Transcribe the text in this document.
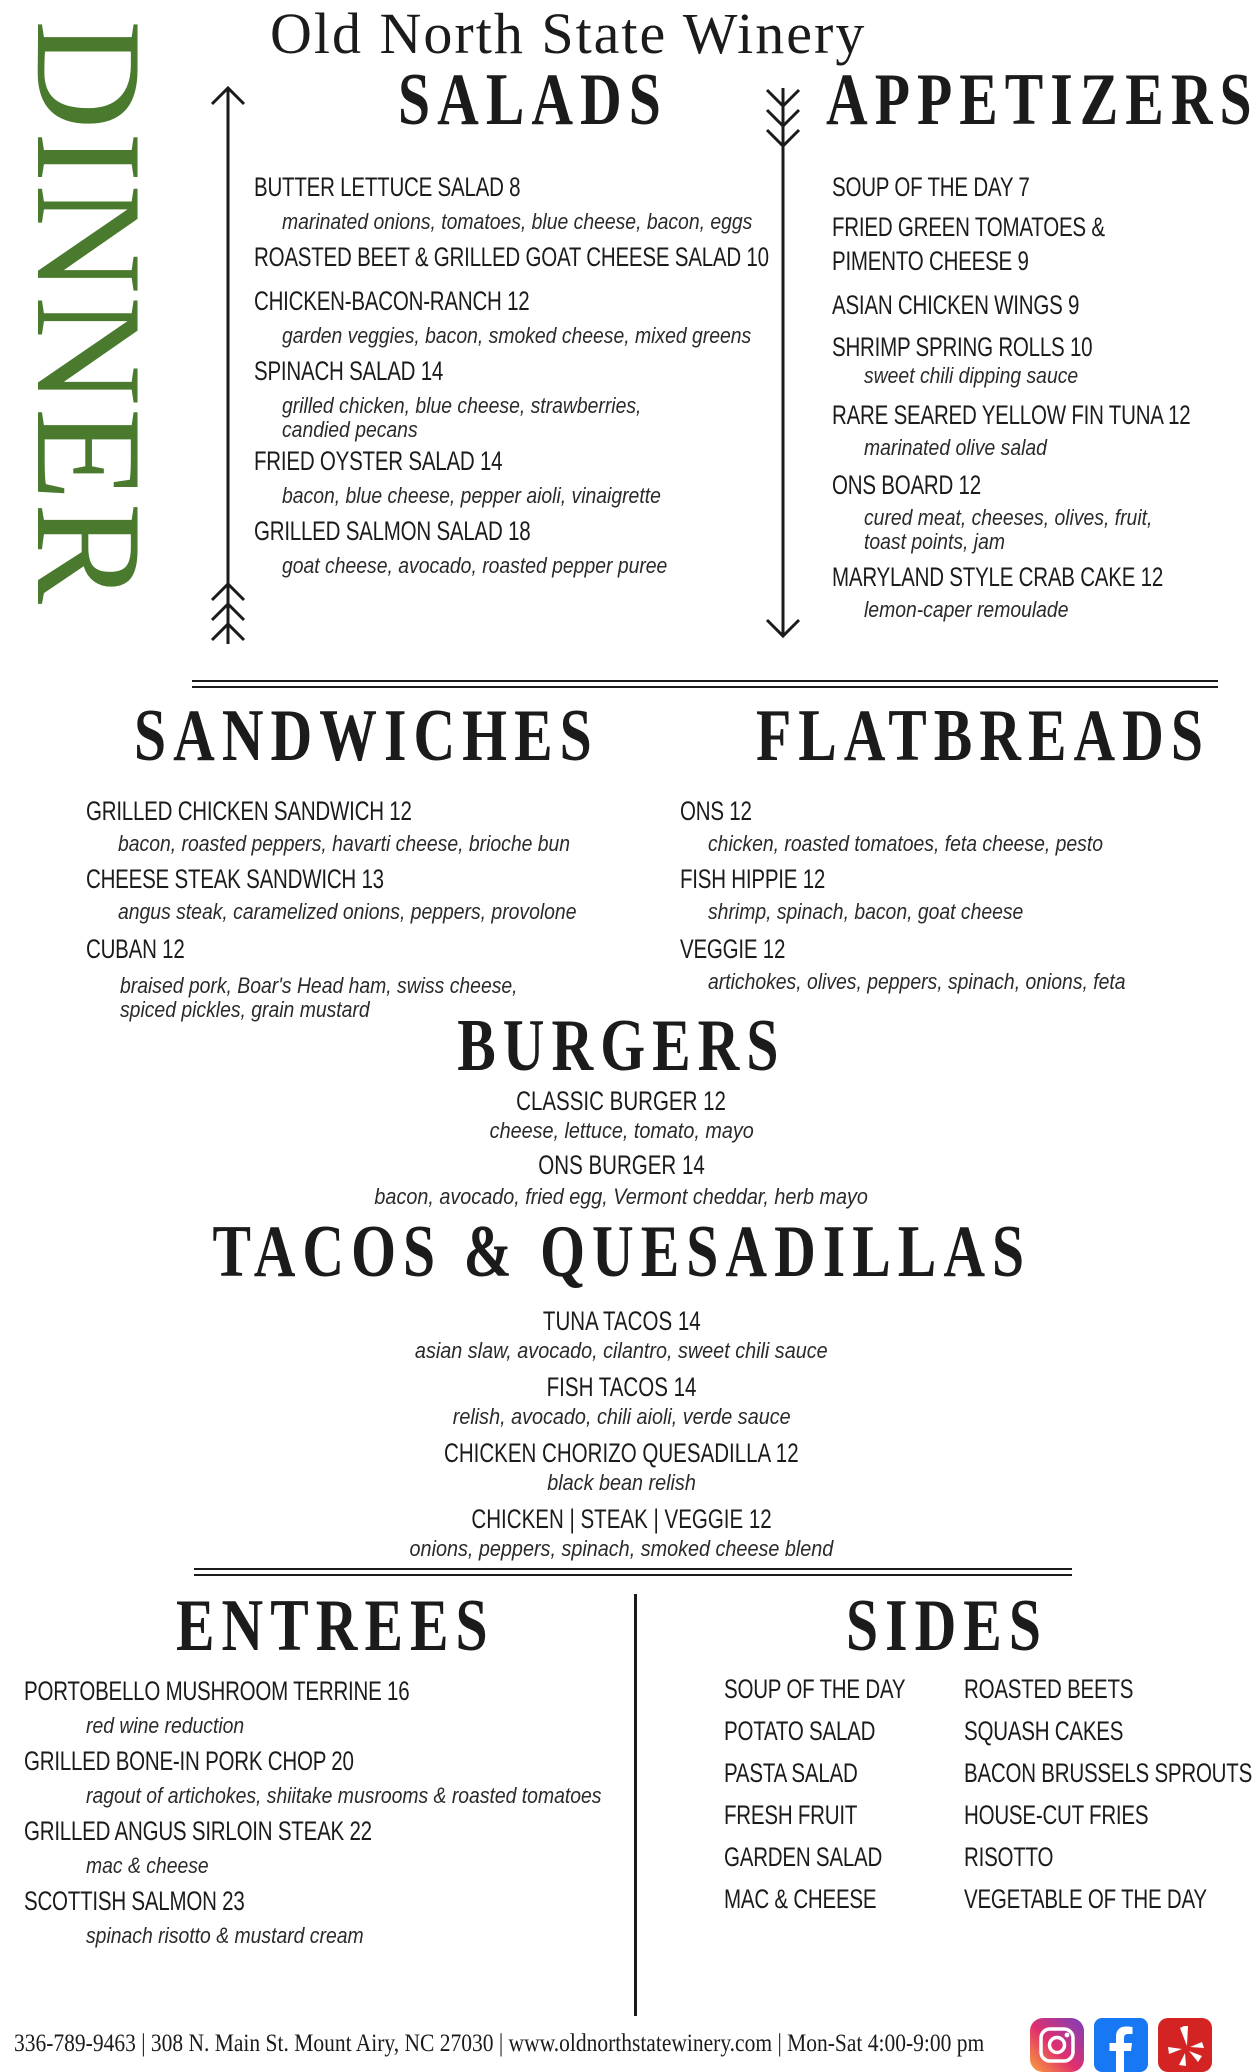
Old North State Winery
DINNER	SALADS
BUTTER LETTUCE SALAD 8
marinated onions, tomatoes, blue cheese, bacon, eggs
ROASTED BEET & GRILLED GOAT CHEESE SALAD 10
CHICKEN-BACON-RANCH 12
garden veggies, bacon, smoked cheese, mixed greens
SPINACH SALAD 14
grilled chicken, blue cheese, strawberries,
candied pecans
FRIED OYSTER SALAD 14
bacon, blue cheese, pepper aioli, vinaigrette
GRILLED SALMON SALAD 18
goat cheese, avocado, roasted pepper puree
APPETIZERS
SOUP OF THE DAY 7
FRIED GREEN TOMATOES &
PIMENTO CHEESE 9
ASIAN CHICKEN WINGS 9
SHRIMP SPRING ROLLS 10
sweet chili dipping sauce
RARE SEARED YELLOW FIN TUNA 12
marinated olive salad
ONS BOARD 12
cured meat, cheeses, olives, fruit,
toast points, jam
MARYLAND STYLE CRAB CAKE 12
lemon-caper remoulade
SANDWICHES
GRILLED CHICKEN SANDWICH 12
bacon, roasted peppers, havarti cheese, brioche bun
CHEESE STEAK SANDWICH 13
angus steak, caramelized onions, peppers, provolone
CUBAN 12
braised pork, Boar's Head ham, swiss cheese,
spiced pickles, grain mustard
FLATBREADS
ONS 12
chicken, roasted tomatoes, feta cheese, pesto
FISH HIPPIE 12
shrimp, spinach, bacon, goat cheese
VEGGIE 12
artichokes, olives, peppers, spinach, onions, feta
BURGERS
CLASSIC BURGER 12
cheese, lettuce, tomato, mayo
ONS BURGER 14
bacon, avocado, fried egg, Vermont cheddar, herb mayo
TACOS & QUESADILLAS
TUNA TACOS 14
asian slaw, avocado, cilantro, sweet chili sauce
FISH TACOS 14
relish, avocado, chili aioli, verde sauce
CHICKEN CHORIZO QUESADILLA 12
black bean relish
CHICKEN | STEAK | VEGGIE 12
onions, peppers, spinach, smoked cheese blend
ENTREES
PORTOBELLO MUSHROOM TERRINE 16
red wine reduction
GRILLED BONE-IN PORK CHOP 20
ragout of artichokes, shiitake musrooms & roasted tomatoes
GRILLED ANGUS SIRLOIN STEAK 22
mac & cheese
SCOTTISH SALMON 23
spinach risotto & mustard cream
SIDES
SOUP OF THE DAY
POTATO SALAD
PASTA SALAD
FRESH FRUIT
GARDEN SALAD
MAC & CHEESE
ROASTED BEETS
SQUASH CAKES
BACON BRUSSELS SPROUTS
HOUSE-CUT FRIES
RISOTTO
VEGETABLE OF THE DAY
336-789-9463 | 308 N. Main St. Mount Airy, NC 27030 | www.oldnorthstatewinery.com | Mon-Sat 4:00-9:00 pm
